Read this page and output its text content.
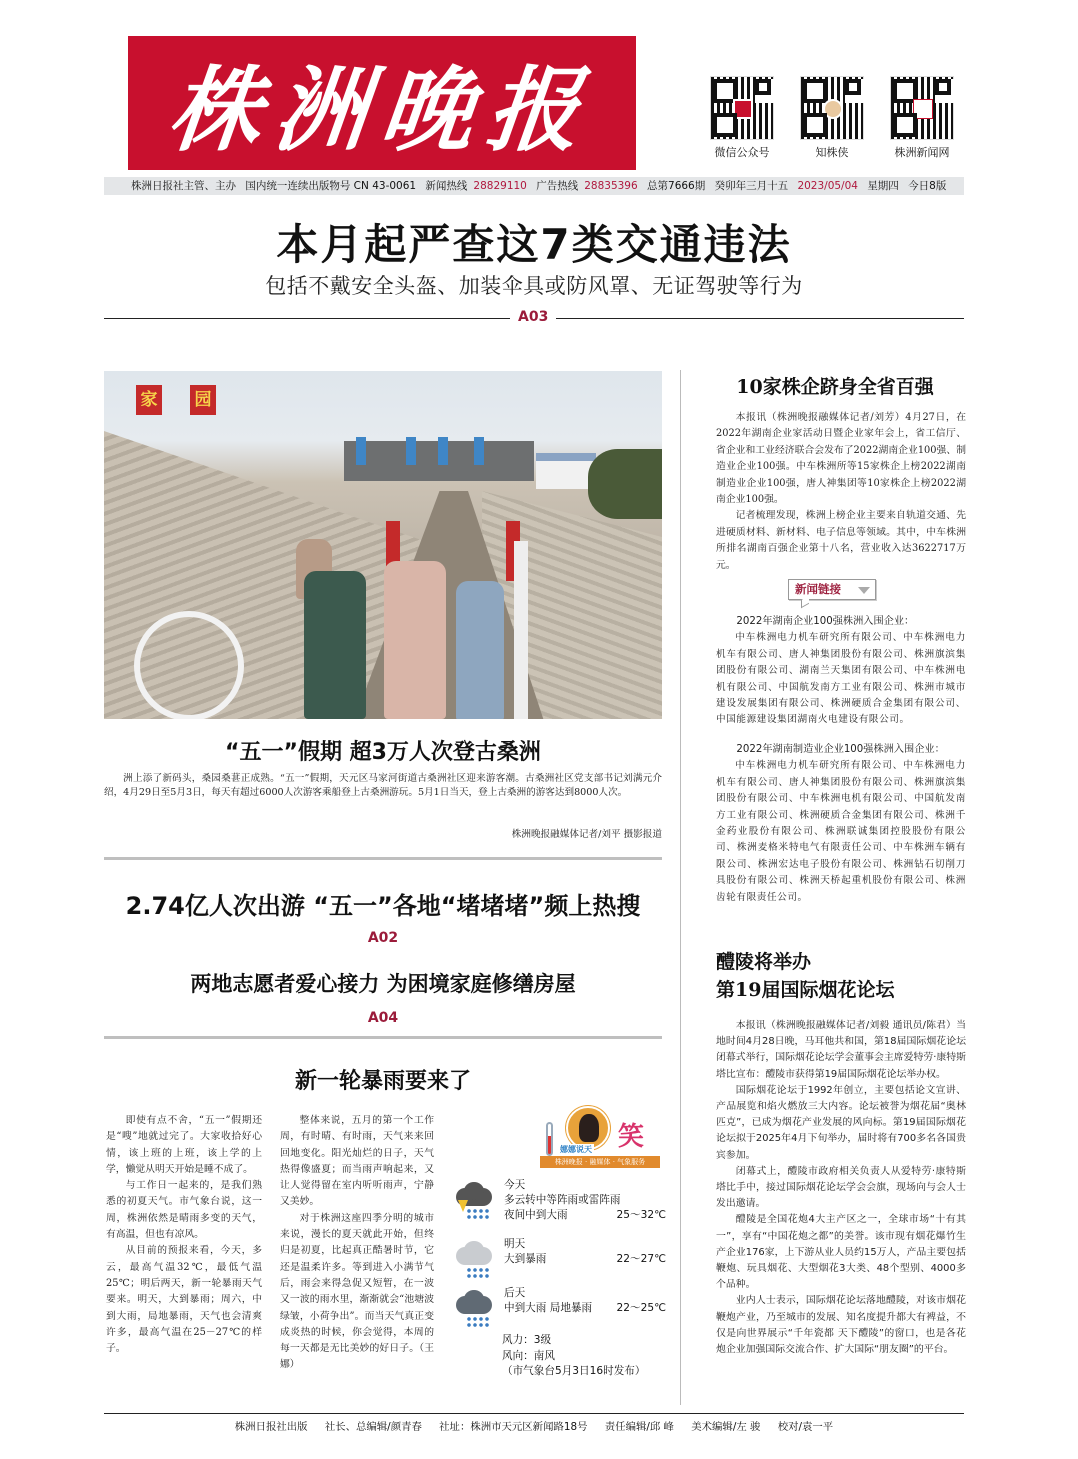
株洲晚报	微信公众号	知株侠	株洲新闻网
株洲日报社主管、主办 国内统一连续出版物号 CN 43-0061 新闻热线 28829110 广告热线 28835396 总第7666期 癸卯年三月十五 2023/05/04 星期四 今日8版
本月起严查这7类交通违法
包括不戴安全头盔、加装伞具或防风罩、无证驾驶等行为
A03
家 园
“五一”假期 超3万人次登古桑洲

洲上添了新码头，桑园桑葚正成熟。“五一”假期，天元区马家河街道古桑洲社区迎来游客潮。古桑洲社区党支部书记刘满元介绍，4月29日至5月3日，每天有超过6000人次游客乘船登上古桑洲游玩。5月1日当天，登上古桑洲的游客达到8000人次。

株洲晚报融媒体记者/刘平 摄影报道
2.74亿人次出游 “五一”各地“堵堵堵”频上热搜
A02
两地志愿者爱心接力 为困境家庭修缮房屋
A04
新一轮暴雨要来了

即使有点不舍，“五一”假期还是“嗖”地就过完了。大家收拾好心情，该上班的上班，该上学的上学，懒觉从明天开始是睡不成了。

与工作日一起来的，是我们熟悉的初夏天气。市气象台说，这一周，株洲依然是晴雨多变的天气，有高温，但也有凉风。

从目前的预报来看，今天，多云，最高气温32℃，最低气温25℃；明后两天，新一轮暴雨天气要来。明天，大到暴雨；周六，中到大雨，局地暴雨，天气也会清爽许多，最高气温在25－27℃的样子。

整体来说，五月的第一个工作周，有时晴、有时雨，天气来来回回地变化。阳光灿烂的日子，天气热得像盛夏；而当雨声响起来，又让人觉得留在室内听听雨声，宁静又美妙。

对于株洲这座四季分明的城市来说，漫长的夏天就此开始，但终归是初夏，比起真正酷暑时节，它还是温柔许多。等到进入小满节气后，雨会来得急促又短暂，在一波又一波的雨水里，渐渐就会“池塘波绿皱，小荷争出”。而当天气真正变成炎热的时候，你会觉得，本周的每一天都是无比美妙的好日子。（王娜）

笑
娜娜说天
株洲晚报 · 融媒体 · 气象服务
今天
多云转中等阵雨或雷阵雨
夜间中到大雨	25～32℃
明天
大到暴雨	22～27℃
后天
中到大雨 局地暴雨 22～25℃
风力：3级
风向：南风
（市气象台5月3日16时发布）
10家株企跻身全省百强

本报讯（株洲晚报融媒体记者/刘芳）4月27日，在2022年湖南企业家活动日暨企业家年会上，省工信厅、省企业和工业经济联合会发布了2022湖南企业100强、制造业企业100强。中车株洲所等15家株企上榜2022湖南制造业企业100强，唐人神集团等10家株企上榜2022湖南企业100强。

记者梳理发现，株洲上榜企业主要来自轨道交通、先进硬质材料、新材料、电子信息等领域。其中，中车株洲所排名湖南百强企业第十八名，营业收入达3622717万元。

新闻链接

2022年湖南企业100强株洲入围企业：

中车株洲电力机车研究所有限公司、中车株洲电力机车有限公司、唐人神集团股份有限公司、株洲旗滨集团股份有限公司、湖南兰天集团有限公司、中车株洲电机有限公司、中国航发南方工业有限公司、株洲市城市建设发展集团有限公司、株洲硬质合金集团有限公司、中国能源建设集团湖南火电建设有限公司。

2022年湖南制造业企业100强株洲入围企业：

中车株洲电力机车研究所有限公司、中车株洲电力机车有限公司、唐人神集团股份有限公司、株洲旗滨集团股份有限公司、中车株洲电机有限公司、中国航发南方工业有限公司、株洲硬质合金集团有限公司、株洲千金药业股份有限公司、株洲联诚集团控股股份有限公司、株洲麦格米特电气有限责任公司、中车株洲车辆有限公司、株洲宏达电子股份有限公司、株洲钻石切削刀具股份有限公司、株洲天桥起重机股份有限公司、株洲齿轮有限责任公司。

醴陵将举办
第19届国际烟花论坛

本报讯（株洲晚报融媒体记者/刘毅 通讯员/陈君）当地时间4月28日晚，马耳他共和国，第18届国际烟花论坛闭幕式举行，国际烟花论坛学会董事会主席爱特劳·康特斯塔比宣布：醴陵市获得第19届国际烟花论坛举办权。

国际烟花论坛于1992年创立，主要包括论文宣讲、产品展览和焰火燃放三大内容。论坛被誉为烟花届“奥林匹克”，已成为烟花产业发展的风向标。第19届国际烟花论坛拟于2025年4月下旬举办，届时将有700多名各国贵宾参加。

闭幕式上，醴陵市政府相关负责人从爱特劳·康特斯塔比手中，接过国际烟花论坛学会会旗，现场向与会人士发出邀请。

醴陵是全国花炮4大主产区之一，全球市场“十有其一”，享有“中国花炮之都”的美誉。该市现有烟花爆竹生产企业176家，上下游从业人员约15万人，产品主要包括鞭炮、玩具烟花、大型烟花3大类、48个型别、4000多个品种。

业内人士表示，国际烟花论坛落地醴陵，对该市烟花鞭炮产业，乃至城市的发展、知名度提升都大有裨益，不仅是向世界展示“千年瓷都 天下醴陵”的窗口，也是各花炮企业加强国际交流合作、扩大国际“朋友圈”的平台。

株洲日报社出版 社长、总编辑/颜青春 社址：株洲市天元区新闻路18号 责任编辑/邱 峰 美术编辑/左 骏 校对/袁一平
